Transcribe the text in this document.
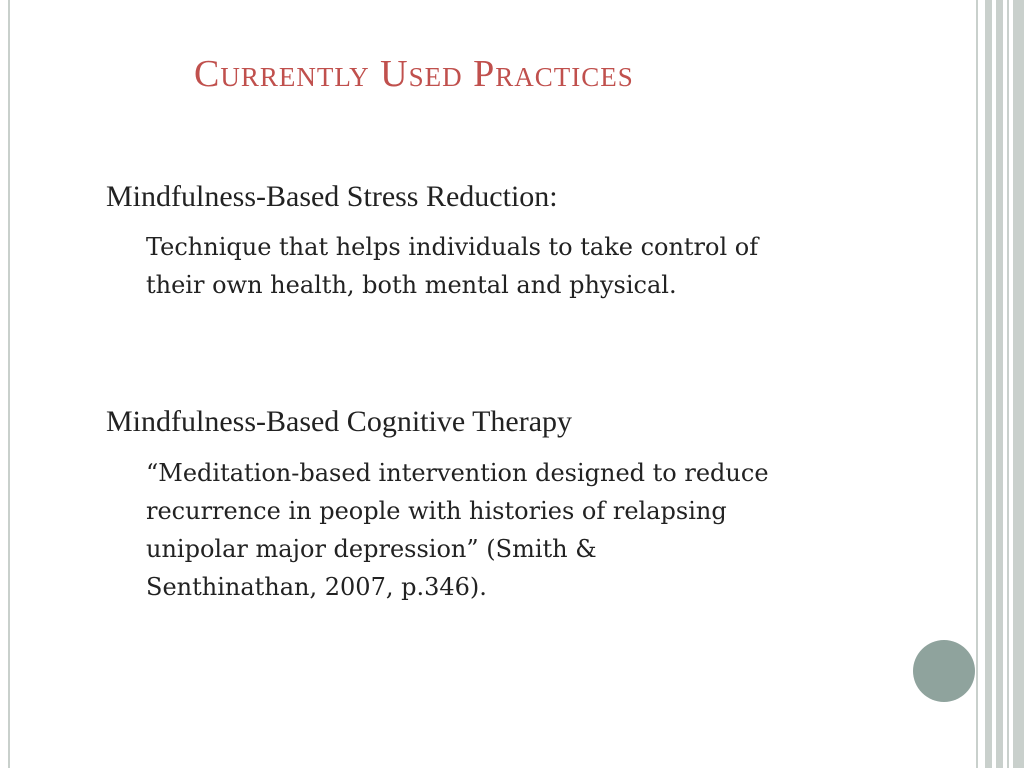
Currently Used Practices
Mindfulness-Based Stress Reduction:

Technique that helps individuals to take control of
their own health, both mental and physical.

Mindfulness-Based Cognitive Therapy

“Meditation-based intervention designed to reduce
recurrence in people with histories of relapsing
unipolar major depression” (Smith &
Senthinathan, 2007, p.346).
